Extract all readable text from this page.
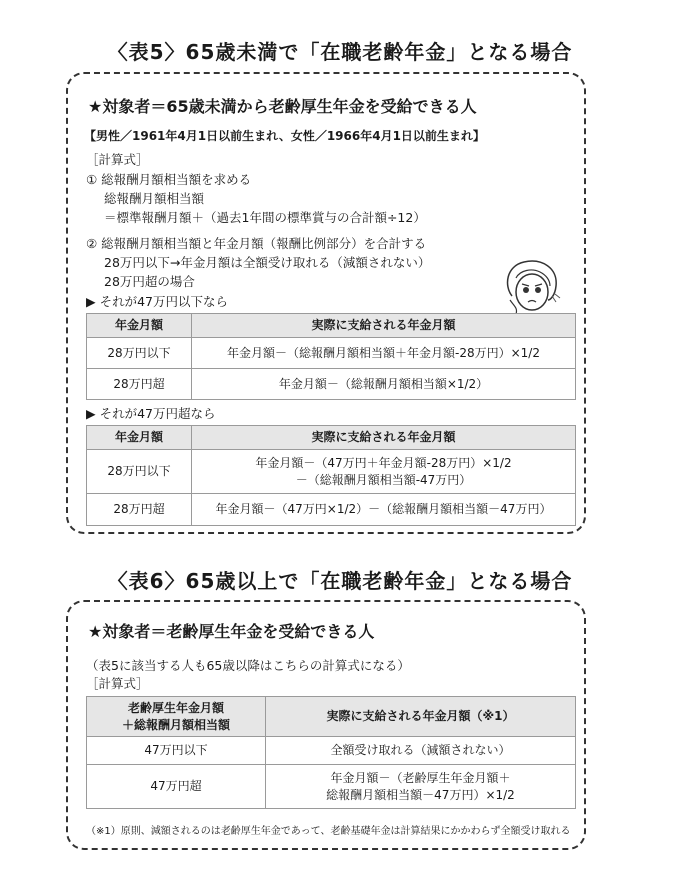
〈表5〉65歳未満で「在職老齢年金」となる場合
★対象者＝65歳未満から老齢厚生年金を受給できる人
【男性／1961年4月1日以前生まれ、女性／1966年4月1日以前生まれ】
［計算式］
① 総報酬月額相当額を求める
総報酬月額相当額
＝標準報酬月額＋（過去1年間の標準賞与の合計額÷12）
② 総報酬月額相当額と年金月額（報酬比例部分）を合計する
28万円以下→年金月額は全額受け取れる（減額されない）
28万円超の場合
▶ それが47万円以下なら
年金月額	実際に支給される年金月額
28万円以下	年金月額－（総報酬月額相当額＋年金月額-28万円）×1/2
28万円超	年金月額－（総報酬月額相当額×1/2）
▶ それが47万円超なら
年金月額	実際に支給される年金月額
28万円以下	年金月額－（47万円＋年金月額-28万円）×1/2
－（総報酬月額相当額-47万円）

28万円超	年金月額－（47万円×1/2）－（総報酬月額相当額－47万円）
〈表6〉65歳以上で「在職老齢年金」となる場合
★対象者＝老齢厚生年金を受給できる人
（表5に該当する人も65歳以降はこちらの計算式になる）
［計算式］
老齢厚生年金月額
＋総報酬月額相当額	実際に支給される年金月額（※1）
47万円以下	全額受け取れる（減額されない）
47万円超	年金月額－（老齢厚生年金月額＋
総報酬月額相当額－47万円）×1/2
（※1）原則、減額されるのは老齢厚生年金であって、老齢基礎年金は計算結果にかかわらず全額受け取れる
